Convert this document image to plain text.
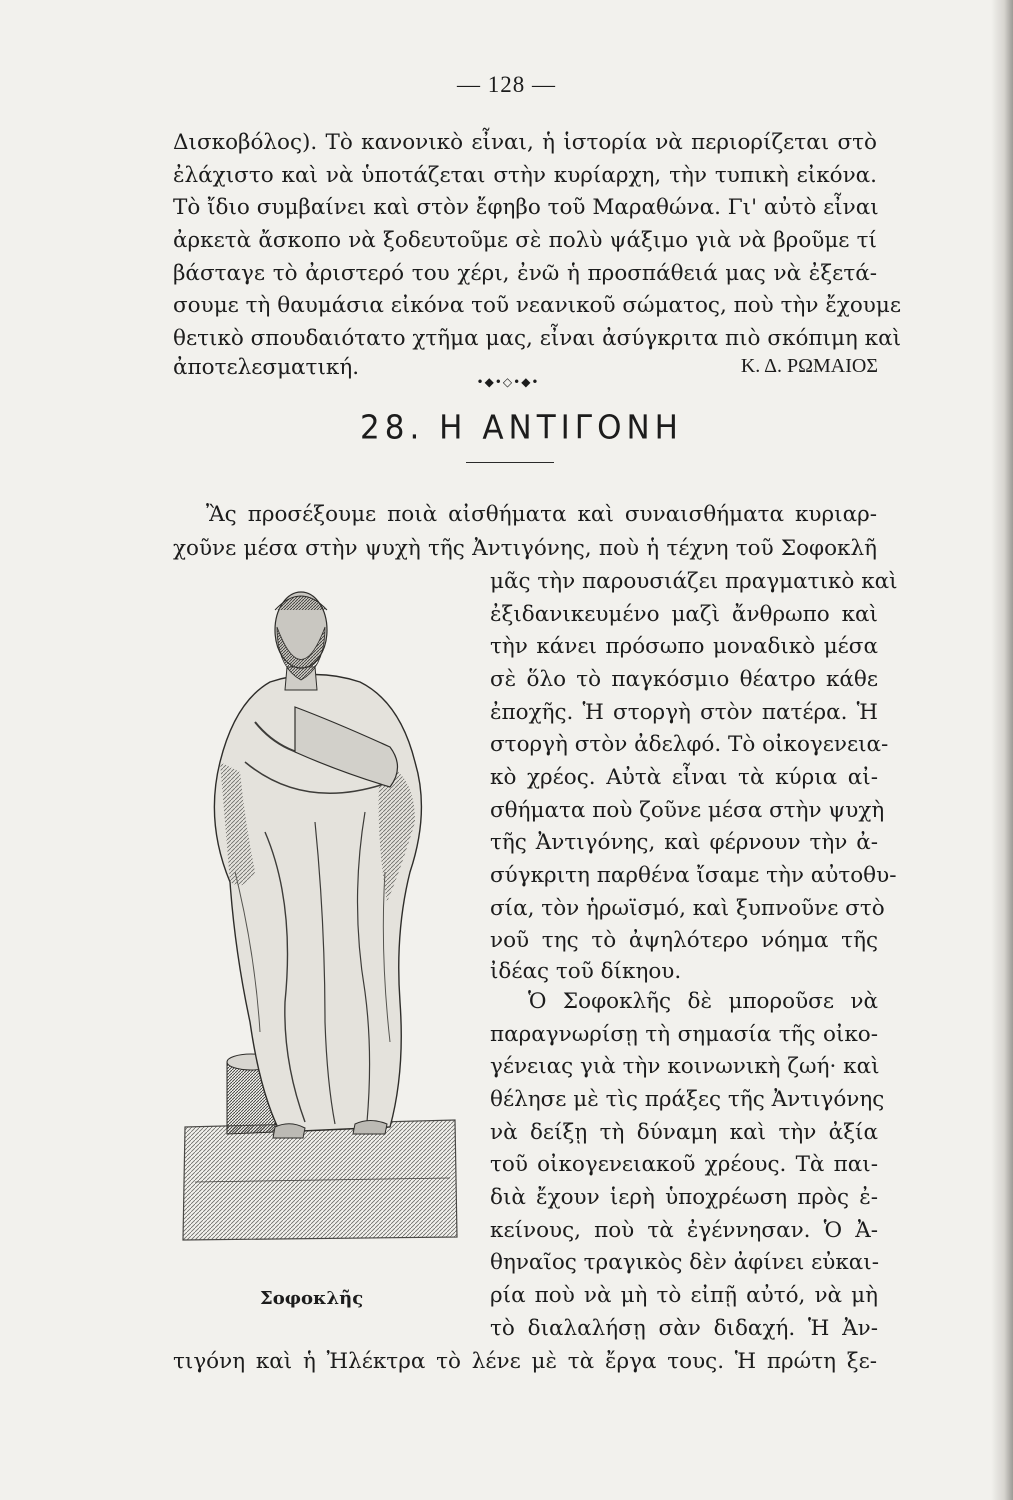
— 128 —
Δισκοβόλος). Τὸ κανονικὸ εἶναι, ἡ ἱστορία νὰ περιορίζεται στὸ
ἐλάχιστο καὶ νὰ ὑποτάζεται στὴν κυρίαρχη, τὴν τυπικὴ εἰκόνα.
Τὸ ἴδιο συμβαίνει καὶ στὸν ἔφηβο τοῦ Μαραθώνα. Γι' αὐτὸ εἶναι
ἀρκετὰ ἄσκοπο νὰ ξοδευτοῦμε σὲ πολὺ ψάξιμο γιὰ νὰ βροῦμε τί
βάσταγε τὸ ἀριστερό του χέρι, ἐνῶ ἡ προσπάθειά μας νὰ ἐξετά-
σουμε τὴ θαυμάσια εἰκόνα τοῦ νεανικοῦ σώματος, ποὺ τὴν ἔχουμε
θετικὸ σπουδαιότατο χτῆμα μας, εἶναι ἀσύγκριτα πιὸ σκόπιμη καὶ
ἀποτελεσματική.	Κ. Δ. ΡΩΜΑΙΟΣ
•◆•◇•◆•
28. Η ΑΝΤΙΓΟΝΗ
Ἂς προσέξουμε ποιὰ αἰσθήματα καὶ συναισθήματα κυριαρ-
χοῦνε μέσα στὴν ψυχὴ τῆς Ἀντιγόνης, ποὺ ἡ τέχνη τοῦ Σοφοκλῆ
μᾶς τὴν παρουσιάζει πραγματικὸ καὶ
ἐξιδανικευμένο μαζὶ ἄνθρωπο καὶ
τὴν κάνει πρόσωπο μοναδικὸ μέσα
σὲ ὅλο τὸ παγκόσμιο θέατρο κάθε
ἐποχῆς. Ἡ στοργὴ στὸν πατέρα. Ἡ
στοργὴ στὸν ἀδελφό. Τὸ οἰκογενεια-
κὸ χρέος. Αὐτὰ εἶναι τὰ κύρια αἰ-
σθήματα ποὺ ζοῦνε μέσα στὴν ψυχὴ
τῆς Ἀντιγόνης, καὶ φέρνουν τὴν ἀ-
σύγκριτη παρθένα ἴσαμε τὴν αὐτοθυ-
σία, τὸν ἡρωϊσμό, καὶ ξυπνοῦνε στὸ
νοῦ της τὸ ἀψηλότερο νόημα τῆς
ἰδέας τοῦ δίκηου.
Ὁ Σοφοκλῆς δὲ μποροῦσε νὰ
παραγνωρίσῃ τὴ σημασία τῆς οἰκο-
γένειας γιὰ τὴν κοινωνικὴ ζωή· καὶ
θέλησε μὲ τὶς πράξες τῆς Ἀντιγόνης
νὰ δείξῃ τὴ δύναμη καὶ τὴν ἀξία
τοῦ οἰκογενειακοῦ χρέους. Τὰ παι-
διὰ ἔχουν ἱερὴ ὑποχρέωση πρὸς ἐ-
κείνους, ποὺ τὰ ἐγέννησαν. Ὁ Ἀ-
θηναῖος τραγικὸς δὲν ἀφίνει εὐκαι-
ρία ποὺ νὰ μὴ τὸ εἰπῇ αὐτό, νὰ μὴ
τὸ διαλαλήσῃ σὰν διδαχή. Ἡ Ἀν-
τιγόνη καὶ ἡ Ἠλέκτρα τὸ λένε μὲ τὰ ἔργα τους. Ἡ πρώτη ξε-
Σοφοκλῆς
